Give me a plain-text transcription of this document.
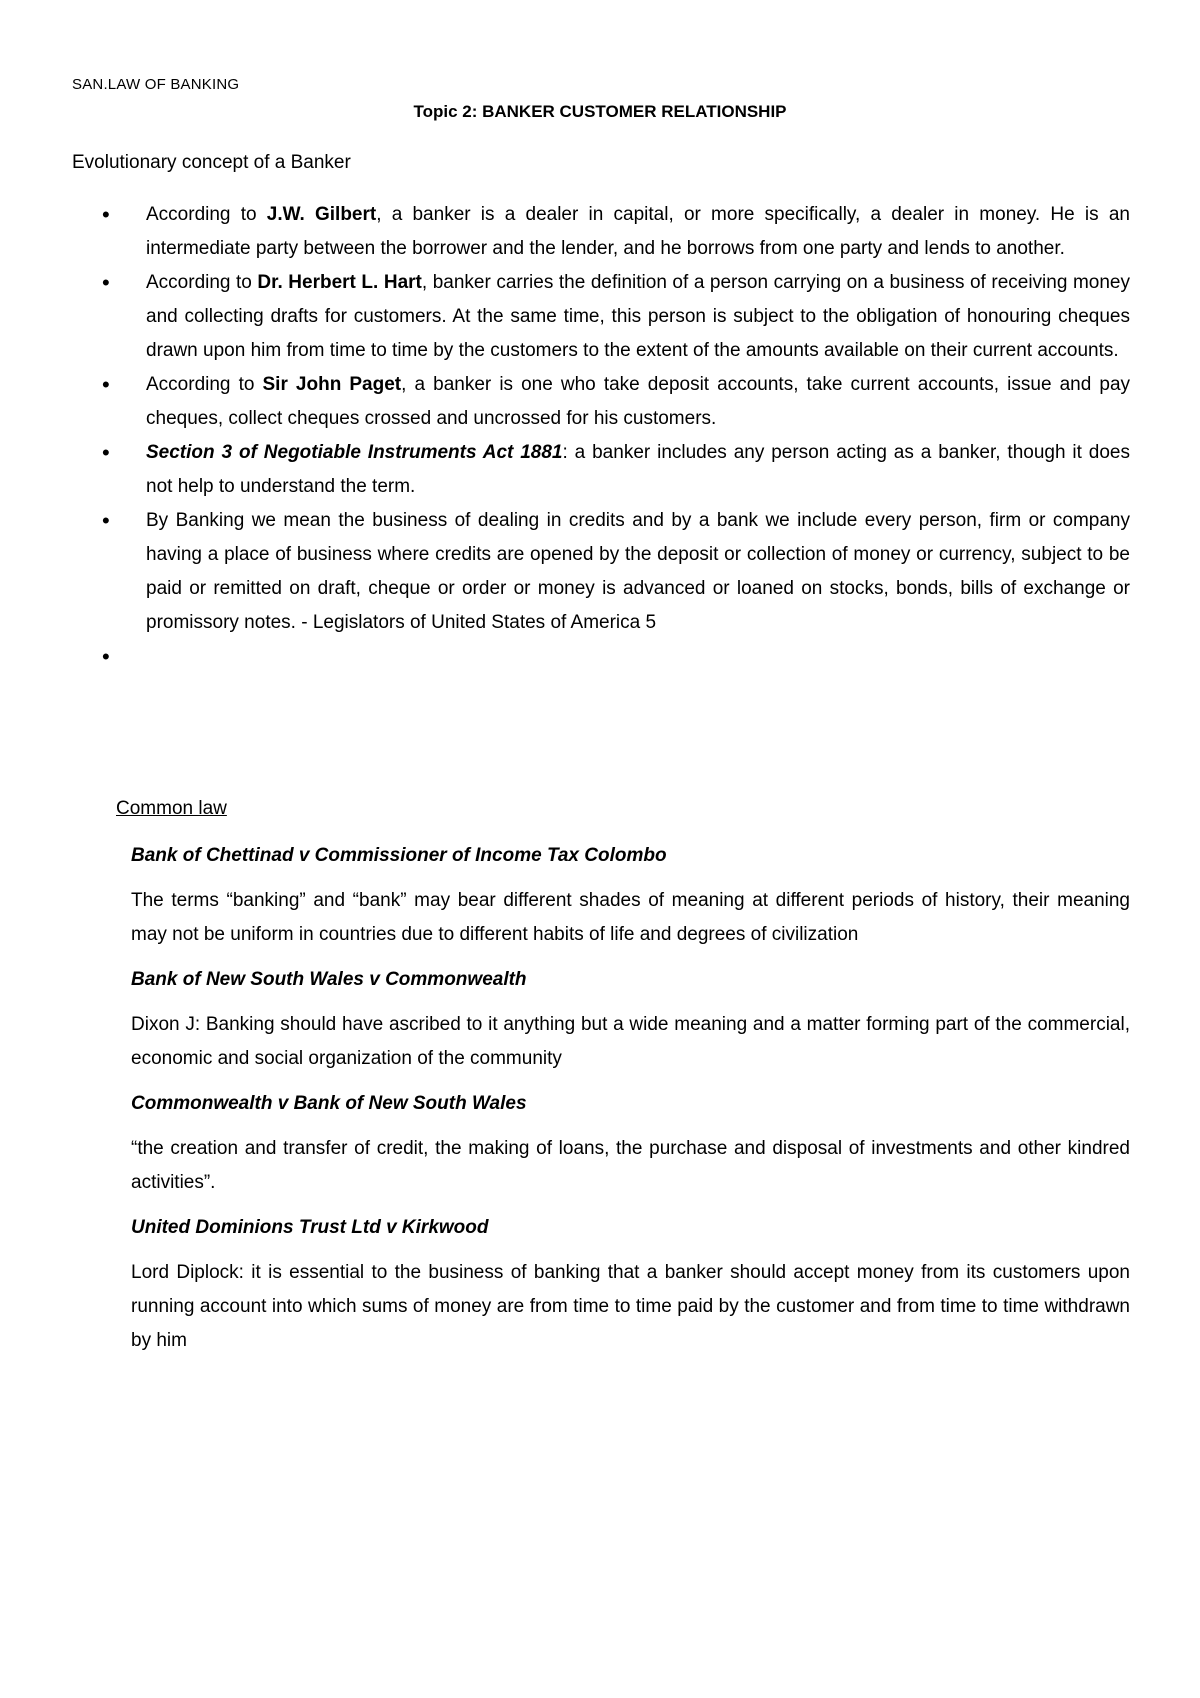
SAN.LAW OF BANKING
Topic 2: BANKER CUSTOMER RELATIONSHIP
Evolutionary concept of a Banker
• According to J.W. Gilbert, a banker is a dealer in capital, or more specifically, a dealer in money. He is an intermediate party between the borrower and the lender, and he borrows from one party and lends to another.
• According to Dr. Herbert L. Hart, banker carries the definition of a person carrying on a business of receiving money and collecting drafts for customers. At the same time, this person is subject to the obligation of honouring cheques drawn upon him from time to time by the customers to the extent of the amounts available on their current accounts.
• According to Sir John Paget, a banker is one who take deposit accounts, take current accounts, issue and pay cheques, collect cheques crossed and uncrossed for his customers.
• Section 3 of Negotiable Instruments Act 1881: a banker includes any person acting as a banker, though it does not help to understand the term.
• By Banking we mean the business of dealing in credits and by a bank we include every person, firm or company having a place of business where credits are opened by the deposit or collection of money or currency, subject to be paid or remitted on draft, cheque or order or money is advanced or loaned on stocks, bonds, bills of exchange or promissory notes. - Legislators of United States of America 5
•
Common law

Bank of Chettinad v Commissioner of Income Tax Colombo

The terms “banking” and “bank” may bear different shades of meaning at different periods of history, their meaning may not be uniform in countries due to different habits of life and degrees of civilization

Bank of New South Wales v Commonwealth

Dixon J: Banking should have ascribed to it anything but a wide meaning and a matter forming part of the commercial, economic and social organization of the community

Commonwealth v Bank of New South Wales

“the creation and transfer of credit, the making of loans, the purchase and disposal of investments and other kindred activities”.

United Dominions Trust Ltd v Kirkwood

Lord Diplock: it is essential to the business of banking that a banker should accept money from its customers upon running account into which sums of money are from time to time paid by the customer and from time to time withdrawn by him
